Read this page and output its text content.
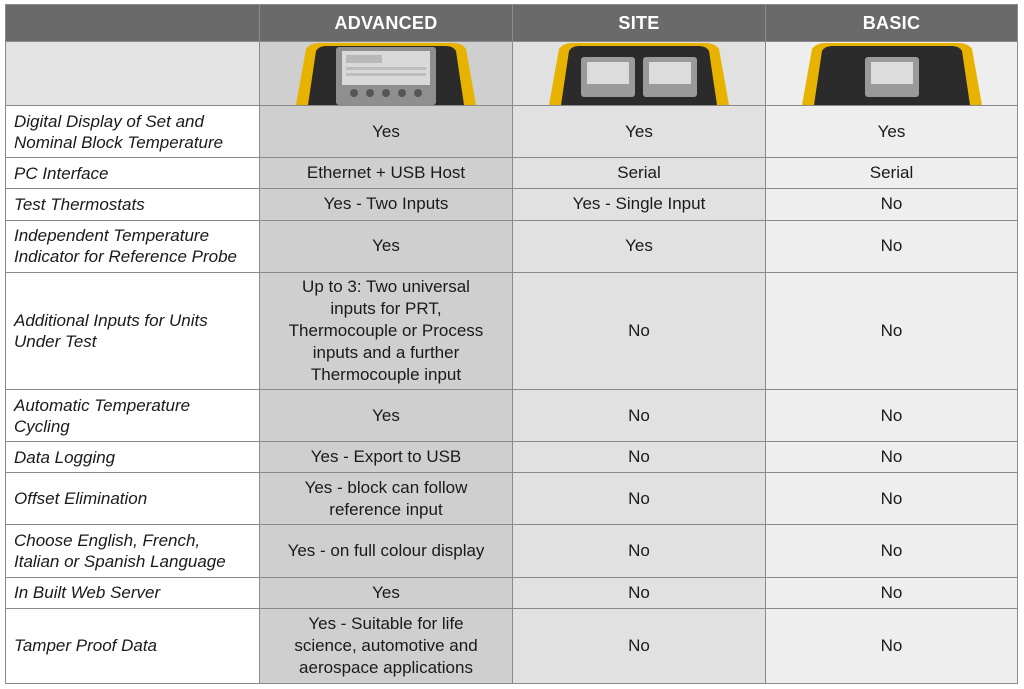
	ADVANCED	SITE	BASIC

Digital Display of Set and
Nominal Block Temperature	Yes	Yes	Yes

PC Interface	Ethernet + USB Host	Serial	Serial

Test Thermostats	Yes - Two Inputs	Yes - Single Input	No

Independent Temperature
Indicator for Reference Probe	Yes	Yes	No

Additional Inputs for Units
Under Test	Up to 3: Two universal
inputs for PRT,
Thermocouple or Process
inputs and a further
Thermocouple input	No	No

Automatic Temperature
Cycling	Yes	No	No

Data Logging	Yes - Export to USB	No	No

Offset Elimination	Yes - block can follow
reference input	No	No

Choose English, French,
Italian or Spanish Language	Yes - on full colour display	No	No

In Built Web Server	Yes	No	No

Tamper Proof Data	Yes - Suitable for life
science, automotive and
aerospace applications	No	No
